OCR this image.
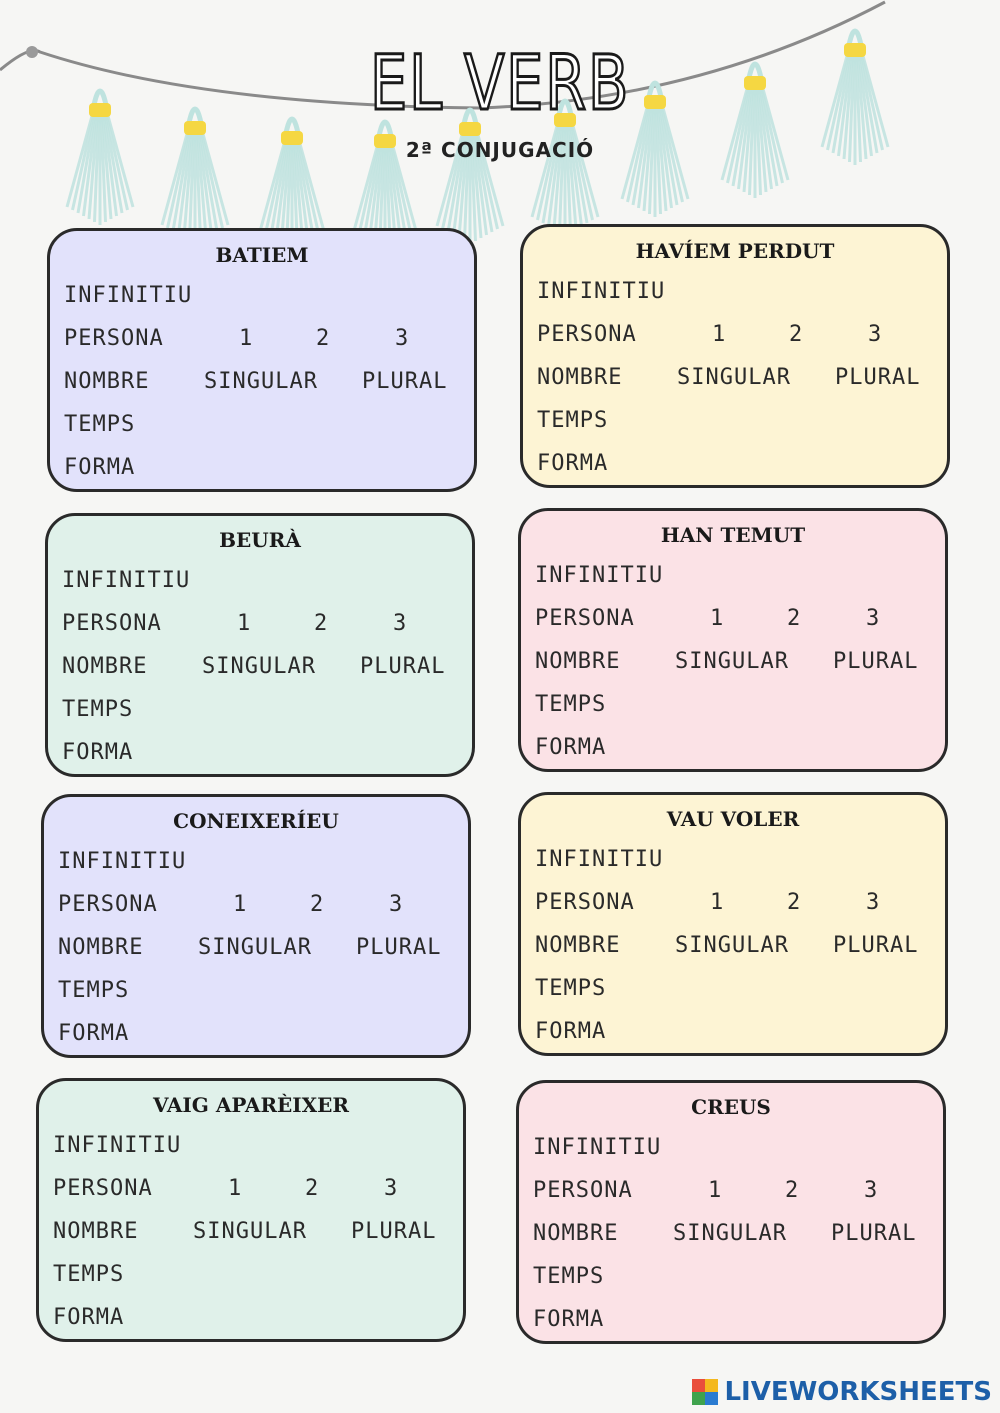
EL VERB
2ª CONJUGACIÓ
BATIEM
INFINITIU
PERSONA	1	2	3
NOMBRE SINGULAR PLURAL
TEMPS
FORMA
HAVÍEM PERDUT
INFINITIU
PERSONA	1	2	3
NOMBRE SINGULAR PLURAL
TEMPS
FORMA
BEURÀ
INFINITIU
PERSONA	1	2	3
NOMBRE SINGULAR PLURAL
TEMPS
FORMA
HAN TEMUT
INFINITIU
PERSONA	1	2	3
NOMBRE SINGULAR PLURAL
TEMPS
FORMA
CONEIXERÍEU
INFINITIU
PERSONA	1	2	3
NOMBRE SINGULAR PLURAL
TEMPS
FORMA
VAU VOLER
INFINITIU
PERSONA	1	2	3
NOMBRE SINGULAR PLURAL
TEMPS
FORMA
VAIG APARÈIXER
INFINITIU
PERSONA	1	2	3
NOMBRE SINGULAR PLURAL
TEMPS
FORMA
CREUS
INFINITIU
PERSONA	1	2	3
NOMBRE SINGULAR PLURAL
TEMPS
FORMA
LIVEWORKSHEETS
